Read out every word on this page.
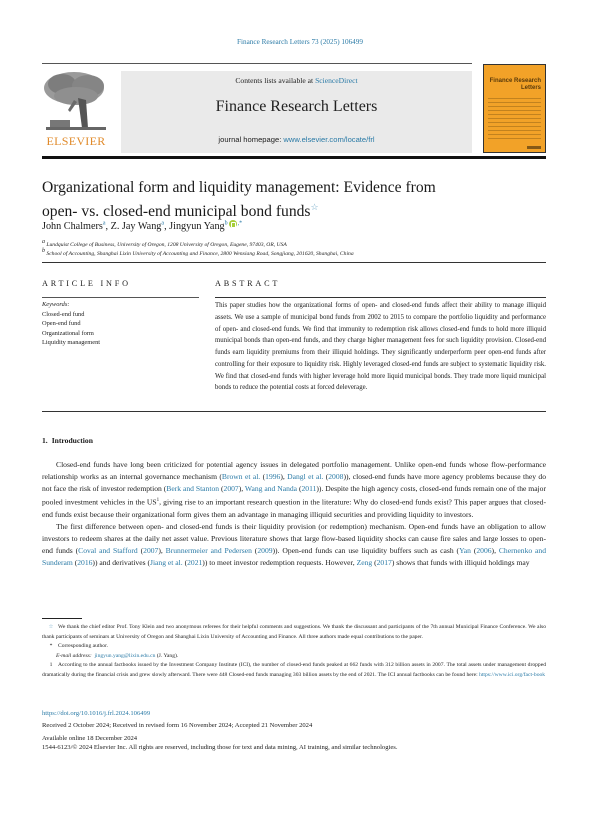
Finance Research Letters 73 (2025) 106499
ELSEVIER
Contents lists available at ScienceDirect
Finance Research Letters
journal homepage: www.elsevier.com/locate/frl
Finance Research
Letters
Organizational form and liquidity management: Evidence from
open- vs. closed-end municipal bond funds☆
John Chalmers$^a$, Z. Jay Wang$^a$, Jingyun Yang$^b$ ,*
a Lundquist College of Business, University of Oregon, 1208 University of Oregon, Eugene, 97403, OR, USA
b School of Accounting, Shanghai Lixin University of Accounting and Finance, 2800 Wenxiang Road, Songjiang, 201620, Shanghai, China
ARTICLE INFO	ABSTRACT
Keywords:
Closed-end fund
Open-end fund
Organizational form
Liquidity management
This paper studies how the organizational forms of open- and closed-end funds affect their ability to manage illiquid assets. We use a sample of municipal bond funds from 2002 to 2015 to compare the portfolio liquidity and performance of open- and closed-end funds. We find that immunity to redemption risk allows closed-end funds to hold more illiquid municipal bonds than open-end funds, and they charge higher management fees for such liquidity provision. Closed-end funds earn liquidity premiums from their illiquid holdings. They significantly underperform peer open-end funds after controlling for their exposure to liquidity risk. Highly leveraged closed-end funds are subject to systematic liquidity risk. We find that closed-end funds with higher leverage hold more liquid municipal bonds. They trade more liquid municipal bonds to reduce the potential costs at forced deleverage.
1. Introduction

Closed-end funds have long been criticized for potential agency issues in delegated portfolio management. Unlike open-end funds whose flow-performance relationship works as an internal governance mechanism (Brown et al. (1996), Dangl et al. (2008)), closed-end funds have more agency problems because they do not face the risk of investor redemption (Berk and Stanton (2007), Wang and Nanda (2011)). Despite the high agency costs, closed-end funds remain one of the major pooled investment vehicles in the $US^1$, giving rise to an important research question in the literature: Why do closed-end funds exist? This paper argues that closed-end funds exist because their organizational form gives them an advantage in managing illiquid securities and providing liquidity to investors.

The first difference between open- and closed-end funds is their liquidity provision (or redemption) mechanism. Open-end funds have an obligation to allow investors to redeem shares at the daily net asset value. Previous literature shows that large flow-based liquidity shocks can cause fire sales and large losses to open-end funds (Coval and Stafford (2007), Brunnermeier and Pedersen (2009)). Open-end funds can use liquidity buffers such as cash (Yan (2006), Chernenko and Sunderam (2016)) and derivatives (Jiang et al. (2021)) to meet investor redemption requests. However, Zeng (2017) shows that funds with illiquid holdings may

☆ We thank the chief editor Prof. Tony Klein and two anonymous referees for their helpful comments and suggestions. We thank the discussant and participants of the 7th annual Municipal Finance Conference. We also thank participants of seminars at University of Oregon and Shanghai Lixin University of Accounting and Finance. All three authors made equal contributions to the paper.

* Corresponding author.

E-mail address: jingyun.yang@lixin.edu.cn (J. Yang).

1 According to the annual factbooks issued by the Investment Company Institute (ICI), the number of closed-end funds peaked at 662 funds with 312 billion assets in 2007. The total assets under management dropped dramatically during the financial crisis and grew slowly afterward. There were 448 Closed-end funds managing 303 billion assets by the end of 2021. The ICI annual factbooks can be found here: https://www.ici.org/fact-book

https://doi.org/10.1016/j.frl.2024.106499
Received 2 October 2024; Received in revised form 16 November 2024; Accepted 21 November 2024
Available online 18 December 2024
1544-6123/© 2024 Elsevier Inc. All rights are reserved, including those for text and data mining, AI training, and similar technologies.
